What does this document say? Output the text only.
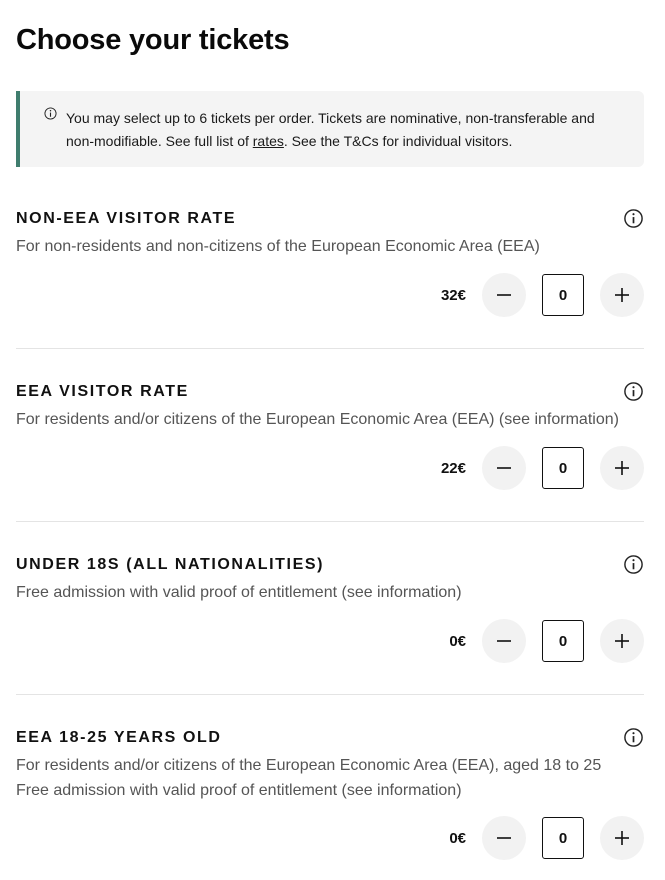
Choose your tickets

You may select up to 6 tickets per order. Tickets are nominative, non-transferable and non-modifiable. See full list of rates. See the T&Cs for individual visitors.

NON-EEA VISITOR RATE
For non-residents and non-citizens of the European Economic Area (EEA)
32€
0
EEA VISITOR RATE
For residents and/or citizens of the European Economic Area (EEA) (see information)
22€
0
UNDER 18S (ALL NATIONALITIES)
Free admission with valid proof of entitlement (see information)
0€
0
EEA 18-25 YEARS OLD
For residents and/or citizens of the European Economic Area (EEA), aged 18 to 25
Free admission with valid proof of entitlement (see information)
0€
0
